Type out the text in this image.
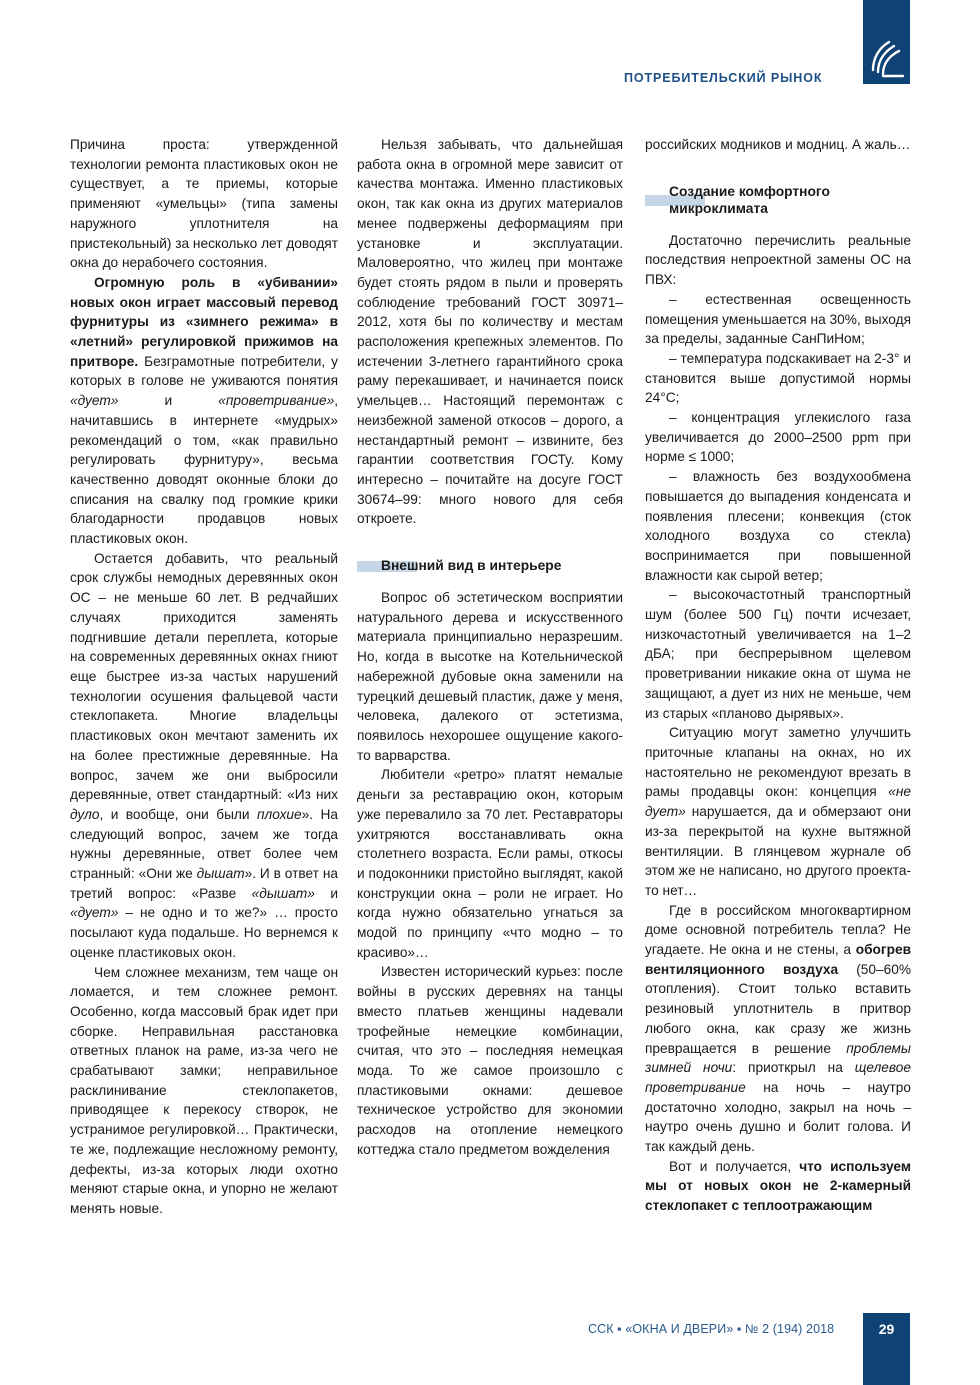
ПОТРЕБИТЕЛЬСКИЙ РЫНОК

Причина проста: утвержденной технологии ремонта пластиковых окон не существует, а те приемы, которые применяют «умельцы» (типа замены наружного уплотнителя на пристекольный) за несколько лет доводят окна до нерабочего состояния.

Огромную роль в «убивании» новых окон играет массовый перевод фурнитуры из «зимнего режима» в «летний» регулировкой прижимов на притворе. Безграмотные потребители, у которых в голове не уживаются понятия «дует» и «проветривание», начитавшись в интернете «мудрых» рекомендаций о том, «как правильно регулировать фурнитуру», весьма качественно доводят оконные блоки до списания на свалку под громкие крики благодарности продавцов новых пластиковых окон.

Остается добавить, что реальный срок службы немодных деревянных окон ОС – не меньше 60 лет. В редчайших случаях приходится заменять подгнившие детали переплета, которые на современных деревянных окнах гниют еще быстрее из-за частых нарушений технологии осушения фальцевой части стеклопакета. Многие владельцы пластиковых окон мечтают заменить их на более престижные деревянные. На вопрос, зачем же они выбросили деревянные, ответ стандартный: «Из них дуло, и вообще, они были плохие». На следующий вопрос, зачем же тогда нужны деревянные, ответ более чем странный: «Они же дышат». И в ответ на третий вопрос: «Разве «дышат» и «дует» – не одно и то же?» … просто посылают куда подальше. Но вернемся к оценке пластиковых окон.

Чем сложнее механизм, тем чаще он ломается, и тем сложнее ремонт. Особенно, когда массовый брак идет при сборке. Неправильная расстановка ответных планок на раме, из-за чего не срабатывают замки; неправильное расклинивание стеклопакетов, приводящее к перекосу створок, не устранимое регулировкой… Практически, те же, подлежащие несложному ремонту, дефекты, из-за которых люди охотно меняют старые окна, и упорно не желают менять новые.

Нельзя забывать, что дальнейшая работа окна в огромной мере зависит от качества монтажа. Именно пластиковых окон, так как окна из других материалов менее подвержены деформациям при установке и эксплуатации. Маловероятно, что жилец при монтаже будет стоять рядом в пыли и проверять соблюдение требований ГОСТ 30971–2012, хотя бы по количеству и местам расположения крепежных элементов. По истечении 3-летнего гарантийного срока раму перекашивает, и начинается поиск умельцев… Настоящий перемонтаж с неизбежной заменой откосов – дорого, а нестандартный ремонт – извините, без гарантии соответствия ГОСТу. Кому интересно – почитайте на досуге ГОСТ 30674–99: много нового для себя откроете.

Внешний вид в интерьере

Вопрос об эстетическом восприятии натурального дерева и искусственного материала принципиально неразрешим. Но, когда в высотке на Котельнической набережной дубовые окна заменили на турецкий дешевый пластик, даже у меня, человека, далекого от эстетизма, появилось нехорошее ощущение какого-то варварства.

Любители «ретро» платят немалые деньги за реставрацию окон, которым уже перевалило за 70 лет. Реставраторы ухитряются восстанавливать окна столетнего возраста. Если рамы, откосы и подоконники пристойно выглядят, какой конструкции окна – роли не играет. Но когда нужно обязательно угнаться за модой по принципу «что модно – то красиво»…

Известен исторический курьез: после войны в русских деревнях на танцы вместо платьев женщины надевали трофейные немецкие комбинации, считая, что это – последняя немецкая мода. То же самое произошло с пластиковыми окнами: дешевое техническое устройство для экономии расходов на отопление немецкого коттеджа стало предметом вожделения

российских модников и модниц. А жаль…

Создание комфортного
микроклимата

Достаточно перечислить реальные последствия непроектной замены ОС на ПВХ:

– естественная освещенность помещения уменьшается на 30%, выходя за пределы, заданные СанПиНом;

– температура подскакивает на 2-3° и становится выше допустимой нормы 24°C;

– концентрация углекислого газа увеличивается до 2000–2500 ppm при норме ≤ 1000;

– влажность без воздухообмена повышается до выпадения конденсата и появления плесени; конвекция (сток холодного воздуха со стекла) воспринимается при повышенной влажности как сырой ветер;

– высокочастотный транспортный шум (более 500 Гц) почти исчезает, низкочастотный увеличивается на 1–2 дБА; при беспрерывном щелевом проветривании никакие окна от шума не защищают, а дует из них не меньше, чем из старых «планово дырявых».

Ситуацию могут заметно улучшить приточные клапаны на окнах, но их настоятельно не рекомендуют врезать в рамы продавцы окон: концепция «не дует» нарушается, да и обмерзают они из-за перекрытой на кухне вытяжной вентиляции. В глянцевом журнале об этом же не написано, но другого проекта-то нет…

Где в российском многоквартирном доме основной потребитель тепла? Не угадаете. Не окна и не стены, а обогрев вентиляционного воздуха (50–60% отопления). Стоит только вставить резиновый уплотнитель в притвор любого окна, как сразу же жизнь превращается в решение проблемы зимней ночи: приоткрыл на щелевое проветривание на ночь – наутро достаточно холодно, закрыл на ночь – наутро очень душно и болит голова. И так каждый день.

Вот и получается, что используем мы от новых окон не 2-камерный стеклопакет с теплоотражающим

ССК ▪ «ОКНА И ДВЕРИ» ▪ № 2 (194) 2018	29
